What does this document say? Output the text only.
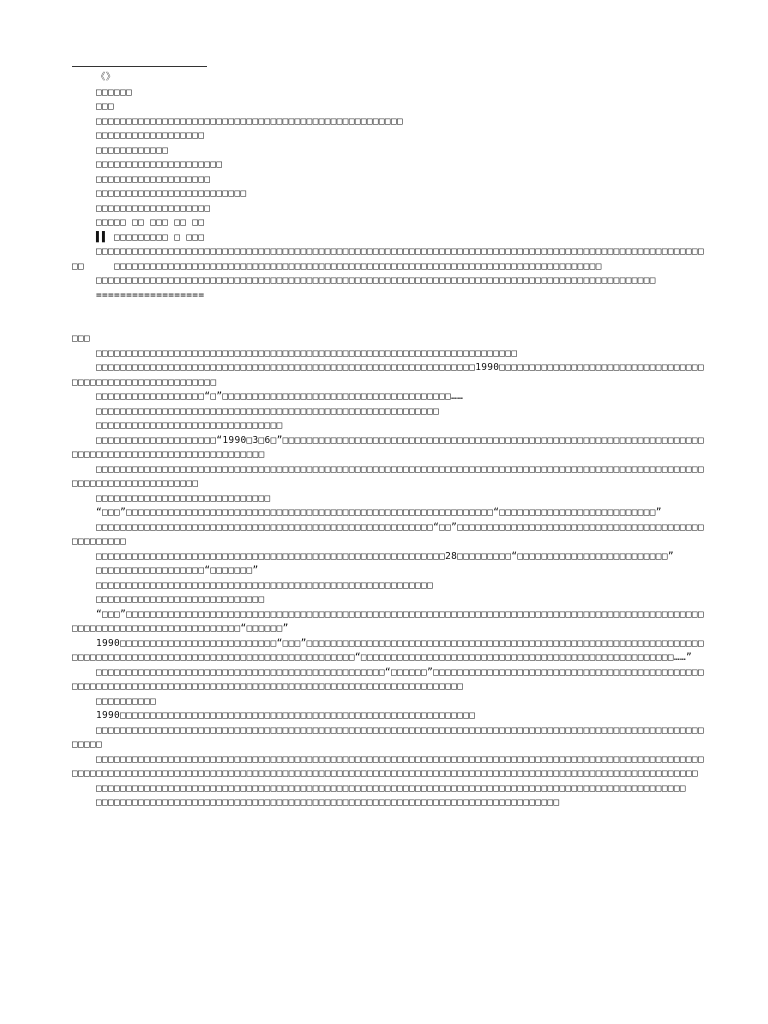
《》

□□□□□□

□□□

□□□□□□□□□□□□□□□□□□□□□□□□□□□□□□□□□□□□□□□□□□□□□□□□□□□

□□□□□□□□□□□□□□□□□□

□□□□□□□□□□□□

□□□□□□□□□□□□□□□□□□□□□

□□□□□□□□□□□□□□□□□□□

□□□□□□□□□□□□□□□□□□□□□□□□□

□□□□□□□□□□□□□□□□□□□

□□□□□ □□ □□□ □□ □□

▌▌ □□□□□□□□□ □ □□□

□□□□□□□□□□□□□□□□□□□□□□□□□□□□□□□□□□□□□□□□□□□□□□□□□□□□□□□□□□□□□□□□□□□□□□□□□□□□□□□□□□□□□□□□□□□□□□□□□□□□□□□     □□□□□□□□□□□□□□□□□□□□□□□□□□□□□□□□□□□□□□□□□□□□□□□□□□□□□□□□□□□□□□□□□□□□□□□□□□□□□□□□□

□□□□□□□□□□□□□□□□□□□□□□□□□□□□□□□□□□□□□□□□□□□□□□□□□□□□□□□□□□□□□□□□□□□□□□□□□□□□□□□□□□□□□□□□□□□□□

==================

□□□

□□□□□□□□□□□□□□□□□□□□□□□□□□□□□□□□□□□□□□□□□□□□□□□□□□□□□□□□□□□□□□□□□□□□□□

□□□□□□□□□□□□□□□□□□□□□□□□□□□□□□□□□□□□□□□□□□□□□□□□□□□□□□□□□□□□□□□1990□□□□□□□□□□□□□□□□□□□□□□□□□□□□□□□□□□□□□□□□□□□□□□□□□□□□□□□□□□

□□□□□□□□□□□□□□□□□□“□”□□□□□□□□□□□□□□□□□□□□□□□□□□□□□□□□□□□□□□……

□□□□□□□□□□□□□□□□□□□□□□□□□□□□□□□□□□□□□□□□□□□□□□□□□□□□□□□□□

□□□□□□□□□□□□□□□□□□□□□□□□□□□□□□□

□□□□□□□□□□□□□□□□□□□□“1990□3□6□”□□□□□□□□□□□□□□□□□□□□□□□□□□□□□□□□□□□□□□□□□□□□□□□□□□□□□□□□□□□□□□□□□□□□□□□□□□□□□□□□□□□□□□□□□□□□□□□□□□□□□□

□□□□□□□□□□□□□□□□□□□□□□□□□□□□□□□□□□□□□□□□□□□□□□□□□□□□□□□□□□□□□□□□□□□□□□□□□□□□□□□□□□□□□□□□□□□□□□□□□□□□□□□□□□□□□□□□□□□□□□□□□□

□□□□□□□□□□□□□□□□□□□□□□□□□□□□□

“□□□”□□□□□□□□□□□□□□□□□□□□□□□□□□□□□□□□□□□□□□□□□□□□□□□□□□□□□□□□□□□□□“□□□□□□□□□□□□□□□□□□□□□□□□□□”

□□□□□□□□□□□□□□□□□□□□□□□□□□□□□□□□□□□□□□□□□□□□□□□□□□□□□□□□“□□”□□□□□□□□□□□□□□□□□□□□□□□□□□□□□□□□□□□□□□□□□□□□□□□□□□

□□□□□□□□□□□□□□□□□□□□□□□□□□□□□□□□□□□□□□□□□□□□□□□□□□□□□□□□□□28□□□□□□□□□“□□□□□□□□□□□□□□□□□□□□□□□□□”

□□□□□□□□□□□□□□□□□□“□□□□□□□”

□□□□□□□□□□□□□□□□□□□□□□□□□□□□□□□□□□□□□□□□□□□□□□□□□□□□□□□□

□□□□□□□□□□□□□□□□□□□□□□□□□□□□

“□□□”□□□□□□□□□□□□□□□□□□□□□□□□□□□□□□□□□□□□□□□□□□□□□□□□□□□□□□□□□□□□□□□□□□□□□□□□□□□□□□□□□□□□□□□□□□□□□□□□□□□□□□□□□□□□□□□□□□□□□□□□□□□□“□□□□□□”

1990□□□□□□□□□□□□□□□□□□□□□□□□□□“□□□”□□□□□□□□□□□□□□□□□□□□□□□□□□□□□□□□□□□□□□□□□□□□□□□□□□□□□□□□□□□□□□□□□□□□□□□□□□□□□□□□□□□□□□□□□□□□□□□□□□□□□□□□□□□□□□□□□“□□□□□□□□□□□□□□□□□□□□□□□□□□□□□□□□□□□□□□□□□□□□□□□□□□□□……”

□□□□□□□□□□□□□□□□□□□□□□□□□□□□□□□□□□□□□□□□□□□□□□□□“□□□□□□”□□□□□□□□□□□□□□□□□□□□□□□□□□□□□□□□□□□□□□□□□□□□□□□□□□□□□□□□□□□□□□□□□□□□□□□□□□□□□□□□□□□□□□□□□□□□□□□□□□□□□□□□□□□□□□

□□□□□□□□□□

1990□□□□□□□□□□□□□□□□□□□□□□□□□□□□□□□□□□□□□□□□□□□□□□□□□□□□□□□□□□□

□□□□□□□□□□□□□□□□□□□□□□□□□□□□□□□□□□□□□□□□□□□□□□□□□□□□□□□□□□□□□□□□□□□□□□□□□□□□□□□□□□□□□□□□□□□□□□□□□□□□□□□□□□

□□□□□□□□□□□□□□□□□□□□□□□□□□□□□□□□□□□□□□□□□□□□□□□□□□□□□□□□□□□□□□□□□□□□□□□□□□□□□□□□□□□□□□□□□□□□□□□□□□□□□□□□□□□□□□□□□□□□□□□□□□□□□□□□□□□□□□□□□□□□□□□□□□□□□□□□□□□□□□□□□□□□□□□□□□□□□□□□□□□□□□□□□□□□□□□□□□□□□□□□□□□□□

□□□□□□□□□□□□□□□□□□□□□□□□□□□□□□□□□□□□□□□□□□□□□□□□□□□□□□□□□□□□□□□□□□□□□□□□□□□□□□□□□□□□□□□□□□□□□□□□□□

□□□□□□□□□□□□□□□□□□□□□□□□□□□□□□□□□□□□□□□□□□□□□□□□□□□□□□□□□□□□□□□□□□□□□□□□□□□□□
